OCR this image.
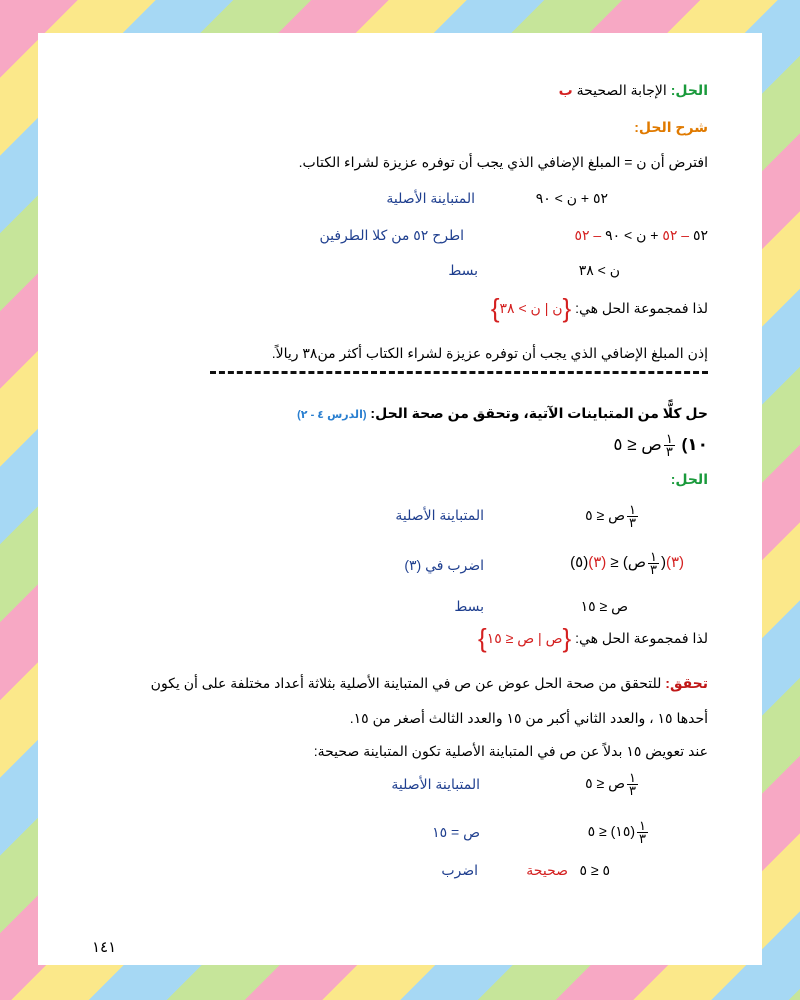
الحل: الإجابة الصحيحة ب
شرح الحل:
افترض أن ن = المبلغ الإضافي الذي يجب أن توفره عزيزة لشراء الكتاب.
٥٢ + ن > ٩٠
المتباينة الأصلية
٥٢ – ٥٢ + ن > ٩٠ – ٥٢
اطرح ٥٢ من كلا الطرفين
ن > ٣٨
بسط
لذا فمجموعة الحل هي: {ن | ن > ٣٨}
إذن المبلغ الإضافي الذي يجب أن توفره عزيزة لشراء الكتاب أكثر من٣٨ ريالاً.
حل كلًّا من المتباينات الآتية، وتحقق من صحة الحل: (الدرس ٤ - ٢)
١٠)
$\frac{١}{٣}$
ص ≤ ٥
الحل:
$\frac{١}{٣}$
ص ≤ ٥
المتباينة الأصلية
(٣)(
$\frac{١}{٣}$
ص) ≤ (٣)(٥)
اضرب في (٣)
ص ≤ ١٥
بسط
لذا فمجموعة الحل هي: {ص | ص ≤ ١٥}
تحقق: للتحقق من صحة الحل عوض عن ص في المتباينة الأصلية بثلاثة أعداد مختلفة على أن يكون
أحدها ١٥ ، والعدد الثاني أكبر من ١٥ والعدد الثالث أصغر من ١٥.
عند تعويض ١٥ بدلاً عن ص في المتباينة الأصلية تكون المتباينة صحيحة:
$\frac{١}{٣}$
ص ≤ ٥
المتباينة الأصلية
$\frac{١}{٣}$
(١٥) ≤ ٥
ص = ١٥
٥ ≤ ٥
صحيحة
اضرب
١٤١
